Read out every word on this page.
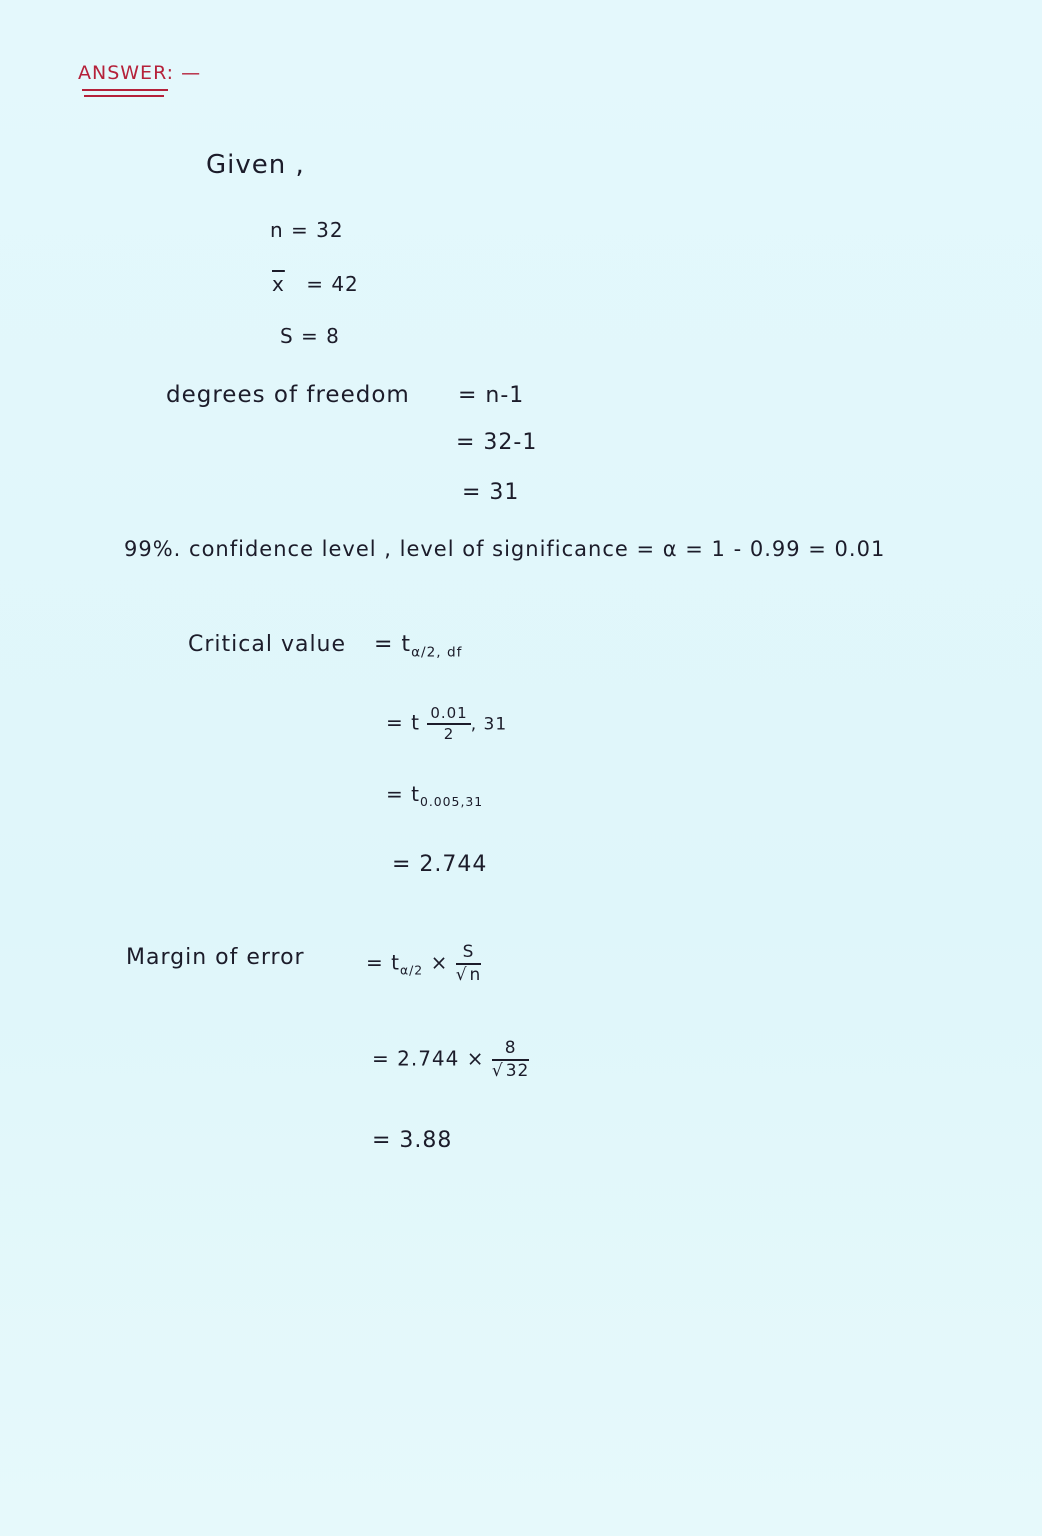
ANSWER: —
Given ,
n = 32
$\overline{x} = 42$
S = 8
degrees of freedom = n-1
= 32-1
= 31
99%. confidence level , level of significance = α = 1 - 0.99 = 0.01
Critical value = $t_{\alpha/2, df}$
= t $\frac{0.01}{2}$ , 31
= $t_{0.005,31}$
= 2.744
Margin of error	= $t_{\alpha/2} \times \frac{S}{√ n}$
= $2.744 \times \frac{8}{√ 32}$
= 3.88
